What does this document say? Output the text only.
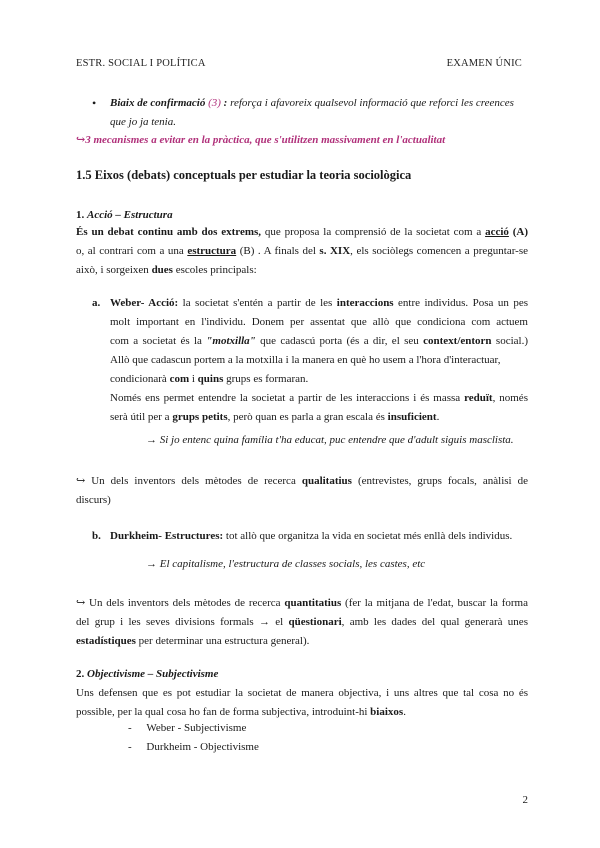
ESTR. SOCIAL I POLÍTICA	EXAMEN ÚNIC
• Biaix de confirmació (3) : reforça i afavoreix qualsevol informació que reforci les creences

que jo ja tenia.

↪3 mecanismes a evitar en la pràctica, que s'utilitzen massivament en l'actualitat
1.5 Eixos (debats) conceptuals per estudiar la teoria sociològica
1. Acció – Estructura

És un debat continu amb dos extrems, que proposa la comprensió de la societat com a acció (A)

o, al contrari com a una estructura (B) . A finals del s. XIX, els sociòlegs comencen a preguntar-se

això, i sorgeixen dues escoles principals:

a. Weber- Acció: la societat s'entén a partir de les interaccions entre individus. Posa un pes

molt important en l'individu. Donem per assentat que allò que condiciona com actuem

com a societat és la "motxilla" que cadascú porta (és a dir, el seu context/entorn social.)

Allò que cadascun portem a la motxilla i la manera en què ho usem a l'hora d'interactuar,

condicionarà com i quins grups es formaran.

Només ens permet entendre la societat a partir de les interaccions i és massa reduït, només

serà útil per a grups petits, però quan es parla a gran escala és insuficient.

→ Si jo entenc quina família t'ha educat, puc entendre que d'adult siguis masclista.

↪ Un dels inventors dels mètodes de recerca qualitatius (entrevistes, grups focals, anàlisi de

discurs)

b. Durkheim- Estructures: tot allò que organitza la vida en societat més enllà dels individus.

→ El capitalisme, l'estructura de classes socials, les castes, etc

↪ Un dels inventors dels mètodes de recerca quantitatius (fer la mitjana de l'edat, buscar la forma

del grup i les seves divisions formals → el qüestionari, amb les dades del qual generarà unes

estadístiques per determinar una estructura general).

2. Objectivisme – Subjectivisme

Uns defensen que es pot estudiar la societat de manera objectiva, i uns altres que tal cosa no és

possible, per la qual cosa ho fan de forma subjectiva, introduint-hi biaixos.

- Weber - Subjectivisme
- Durkheim - Objectivisme
2
